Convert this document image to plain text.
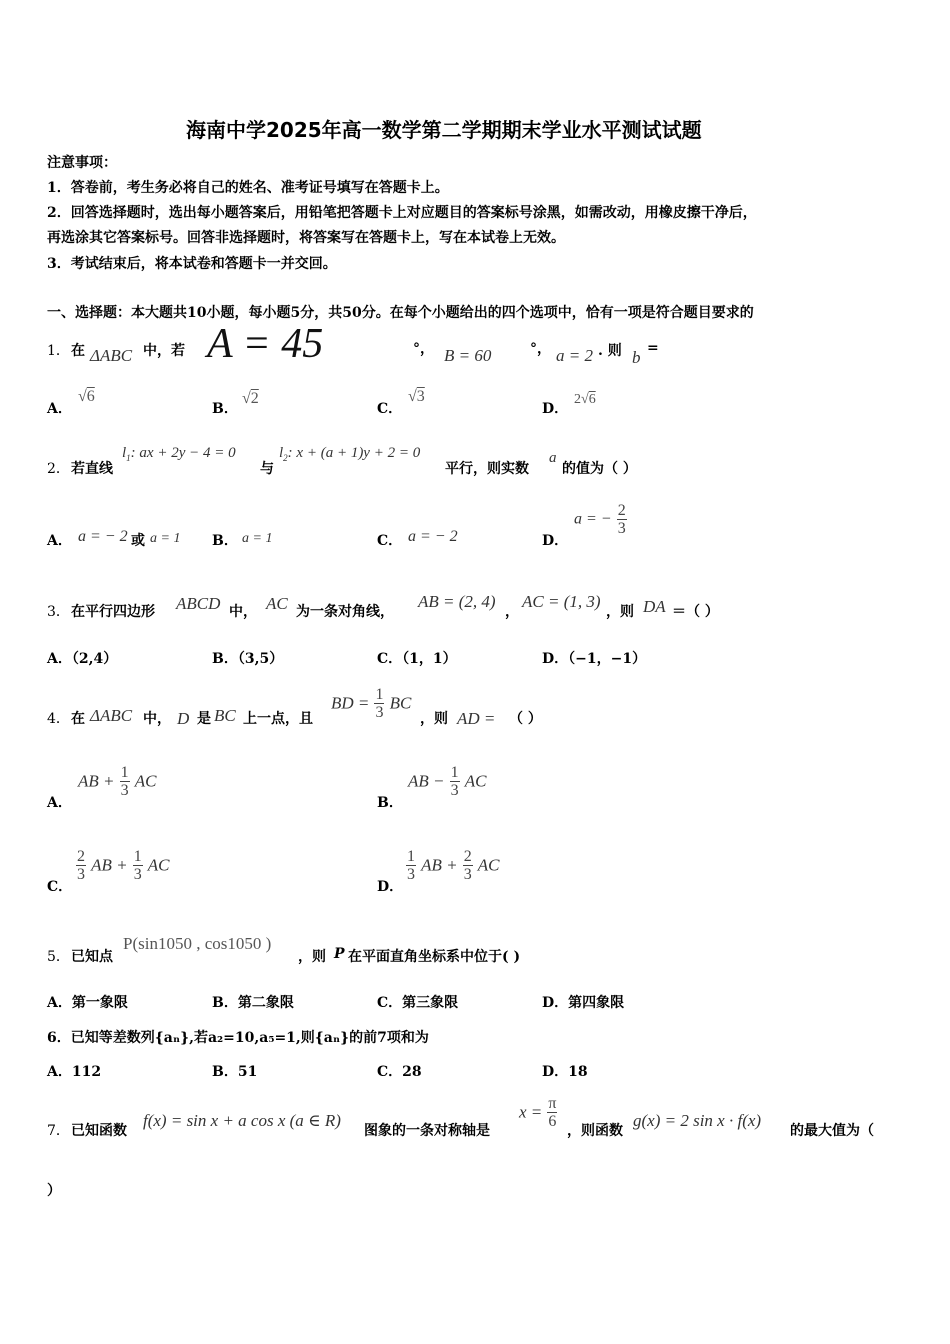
海南中学2025年高一数学第二学期期末学业水平测试试题
注意事项：
1．答卷前，考生务必将自己的姓名、准考证号填写在答题卡上。
2．回答选择题时，选出每小题答案后，用铅笔把答题卡上对应题目的答案标号涂黑，如需改动，用橡皮擦干净后，
再选涂其它答案标号。回答非选择题时，将答案写在答题卡上，写在本试卷上无效。
3．考试结束后，将本试卷和答题卡一并交回。
一、选择题：本大题共10小题，每小题5分，共50分。在每个小题给出的四个选项中，恰有一项是符合题目要求的
1． 在 ΔABC 中，若 A = 45	°， B = 60	°， a = 2 . 则 b =
A．
√6
B．
√2
C．
√3
D．
2√6
2． 若直线
$l_1$: ax + 2y − 4 = 0
与
$l_2$: x + (a + 1)y + 2 = 0
平行，则实数
a
的值为（ ）
A． a = − 2 或 a = 1 B． a = 1	C． a = − 2	D．
a = − $\frac{2}{3}$
3． 在平行四边形 ABCD 中， AC 为一条对角线，
AB = (2, 4)
，
AC = (1, 3)
，则 DA ＝（ ）
A．（2,4）	B．（3,5）	C．（1，1）	D．（−1，−1）
4． 在 ΔABC 中， D 是 BC 上一点，且
BD = $\frac{1}{3}$ BC
，则 AD = （ ）
A．
AB + $\frac{1}{3}$ AC
B．
AB − $\frac{1}{3}$ AC
C．
$\frac{2}{3}$ AB + $\frac{1}{3}$ AC
D．
$\frac{1}{3}$ AB + $\frac{2}{3}$ AC
5． 已知点
P(sin1050 , cos1050 )
，则 P 在平面直角坐标系中位于( )
A．第一象限	B．第二象限	C．第三象限	D．第四象限
6．已知等差数列{aₙ},若a₂=10,a₅=1,则{aₙ}的前7项和为
A．112	B．51	C．28	D．18
7． 已知函数
f(x) = sin x + a cos x (a ∈ R)
图象的一条对称轴是
$x = \frac{\pi}{6}$
，则函数
g(x) = 2 sin x · f(x)
的最大值为（
）
